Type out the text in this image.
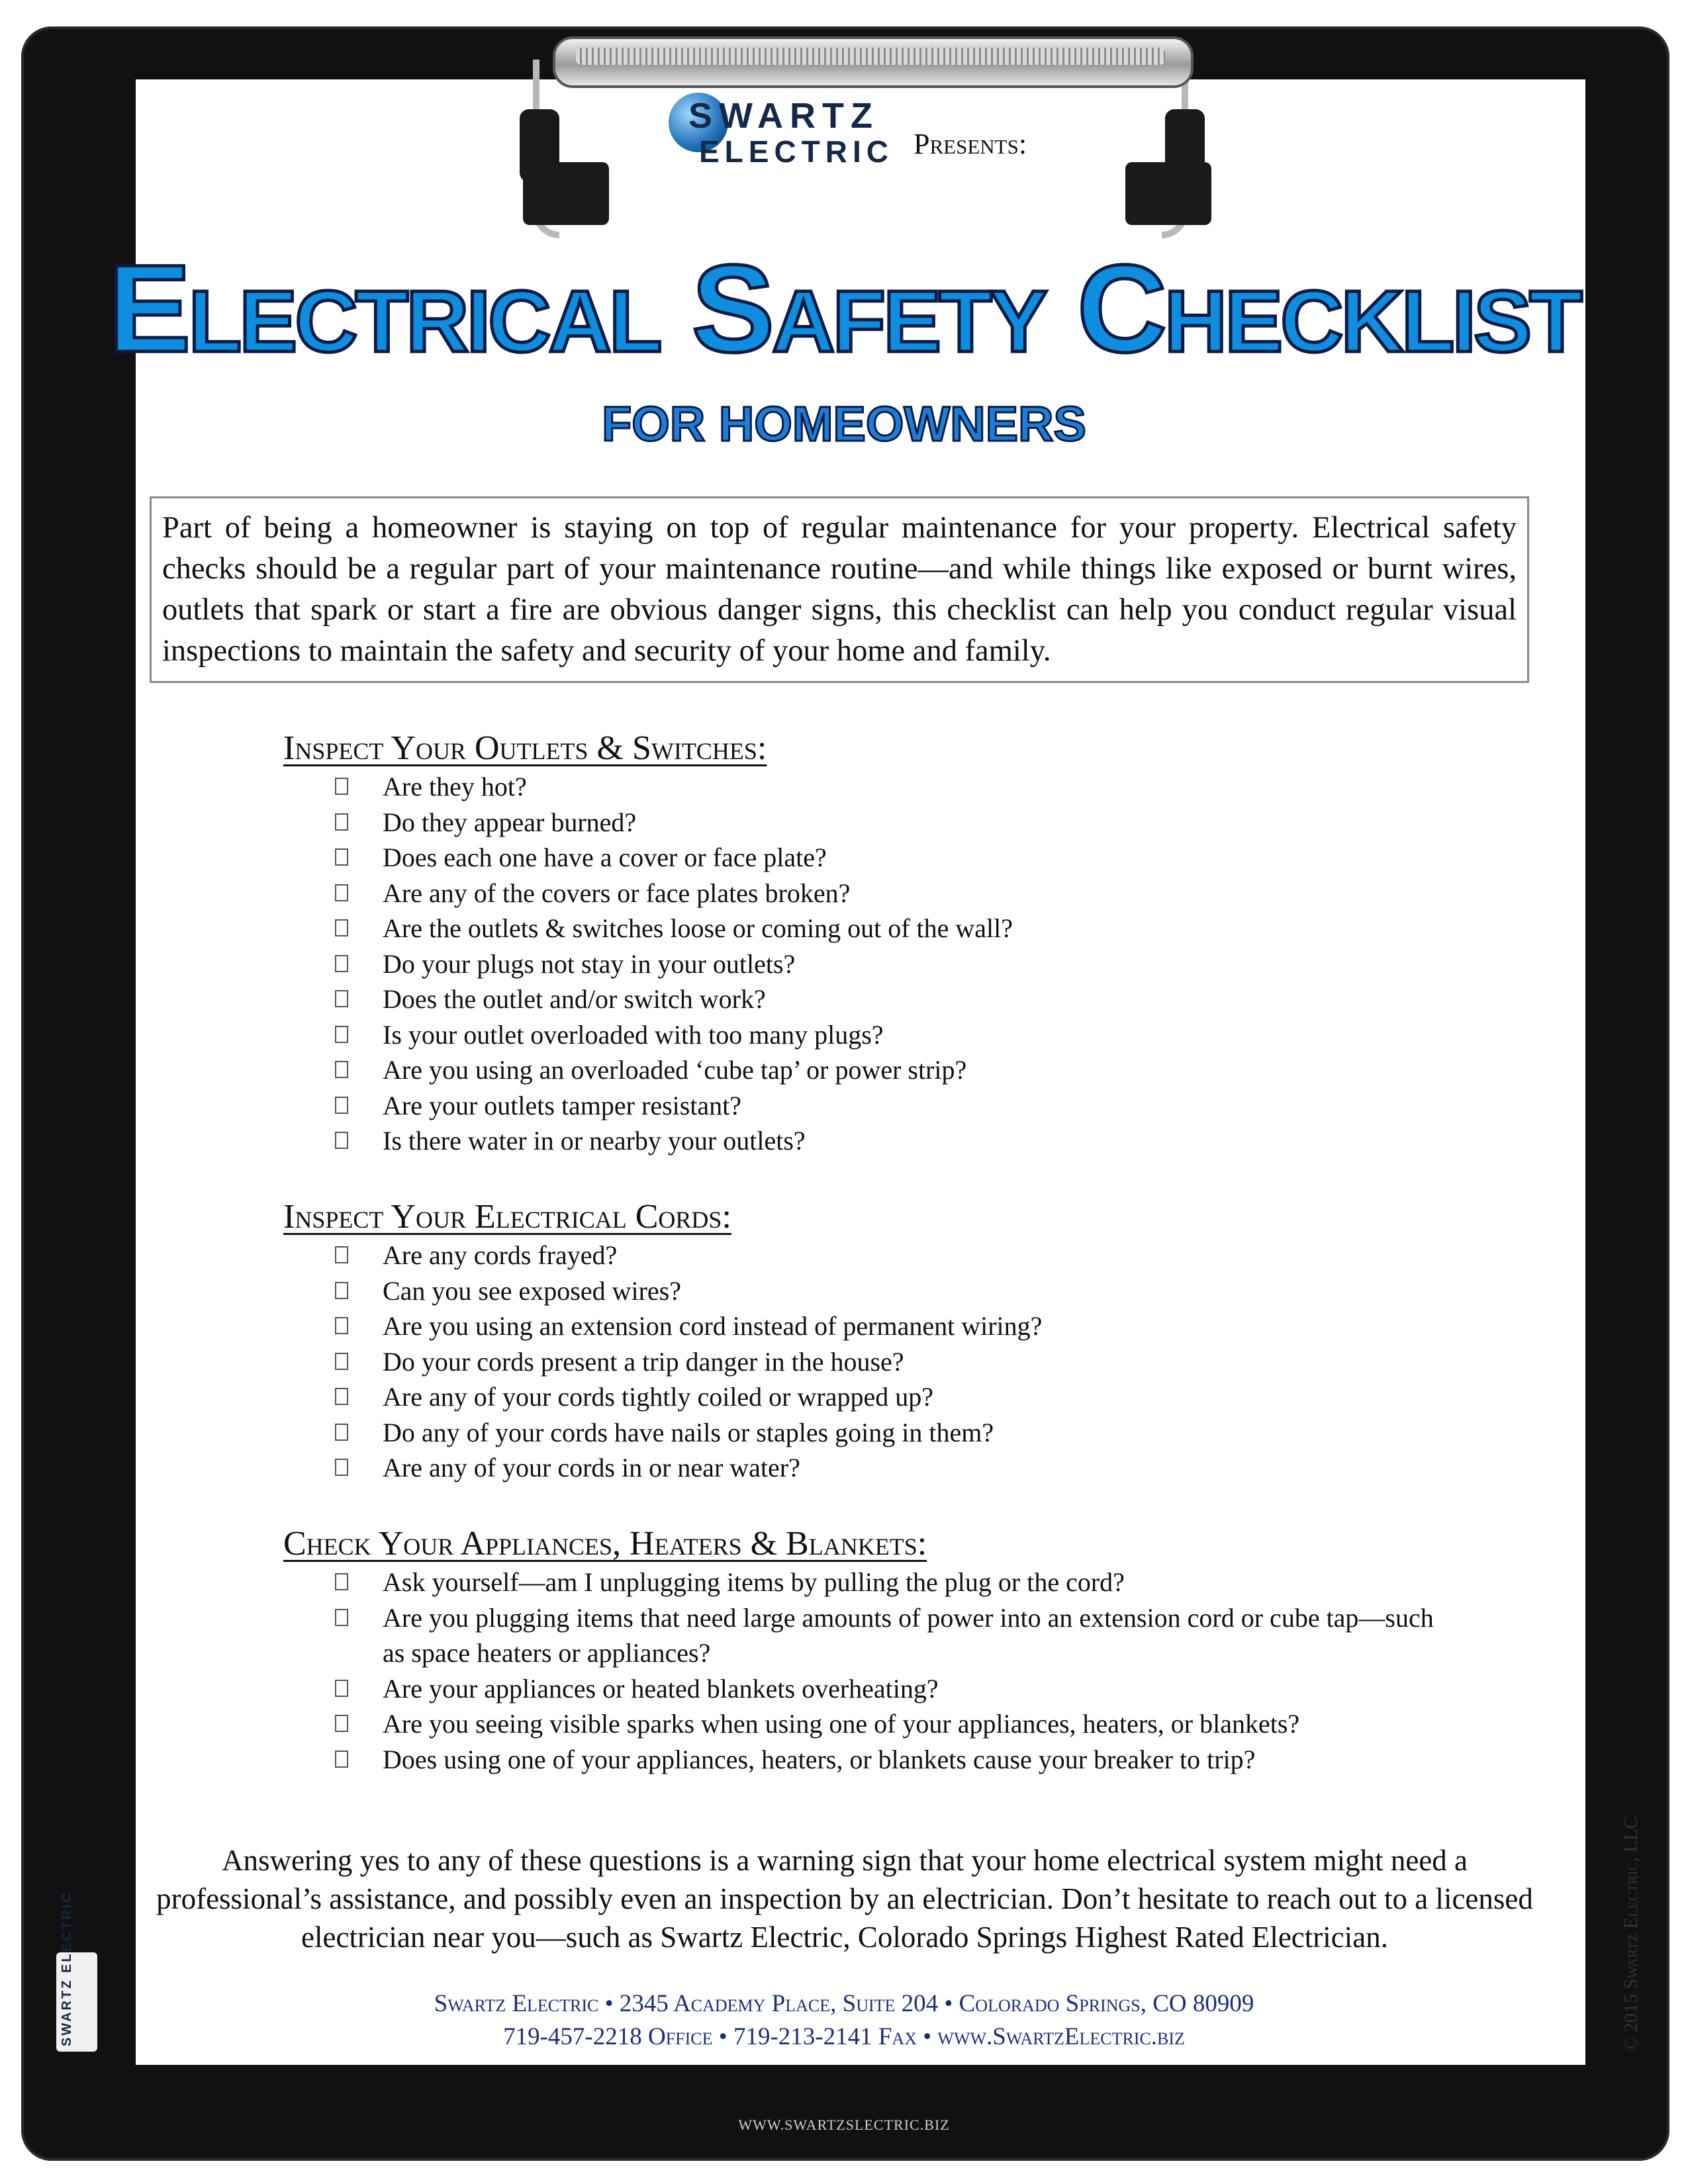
SWARTZ
ELECTRIC Presents:
Electrical Safety Checklist
FOR HOMEOWNERS
Part of being a homeowner is staying on top of regular maintenance for your property. Electrical safety checks should be a regular part of your maintenance routine—and while things like exposed or burnt wires, outlets that spark or start a fire are obvious danger signs, this checklist can help you conduct regular visual inspections to maintain the safety and security of your home and family.
Inspect Your Outlets & Switches:
Are they hot?
Do they appear burned?
Does each one have a cover or face plate?
Are any of the covers or face plates broken?
Are the outlets & switches loose or coming out of the wall?
Do your plugs not stay in your outlets?
Does the outlet and/or switch work?
Is your outlet overloaded with too many plugs?
Are you using an overloaded ‘cube tap’ or power strip?
Are your outlets tamper resistant?
Is there water in or nearby your outlets?
Inspect Your Electrical Cords:
Are any cords frayed?
Can you see exposed wires?
Are you using an extension cord instead of permanent wiring?
Do your cords present a trip danger in the house?
Are any of your cords tightly coiled or wrapped up?
Do any of your cords have nails or staples going in them?
Are any of your cords in or near water?
Check Your Appliances, Heaters & Blankets:
Ask yourself—am I unplugging items by pulling the plug or the cord?
Are you plugging items that need large amounts of power into an extension cord or cube tap—such as space heaters or appliances?
Are your appliances or heated blankets overheating?
Are you seeing visible sparks when using one of your appliances, heaters, or blankets?
Does using one of your appliances, heaters, or blankets cause your breaker to trip?
Answering yes to any of these questions is a warning sign that your home electrical system might need a professional’s assistance, and possibly even an inspection by an electrician. Don’t hesitate to reach out to a licensed electrician near you—such as Swartz Electric, Colorado Springs Highest Rated Electrician.
Swartz Electric • 2345 Academy Place, Suite 204 • Colorado Springs, CO 80909
719-457-2218 Office • 719-213-2141 Fax • www.SwartzElectric.biz	© 2015 Swartz Electric, LLC
SWARTZ ELECTRIC
WWW.SWARTZSLECTRIC.BIZ
